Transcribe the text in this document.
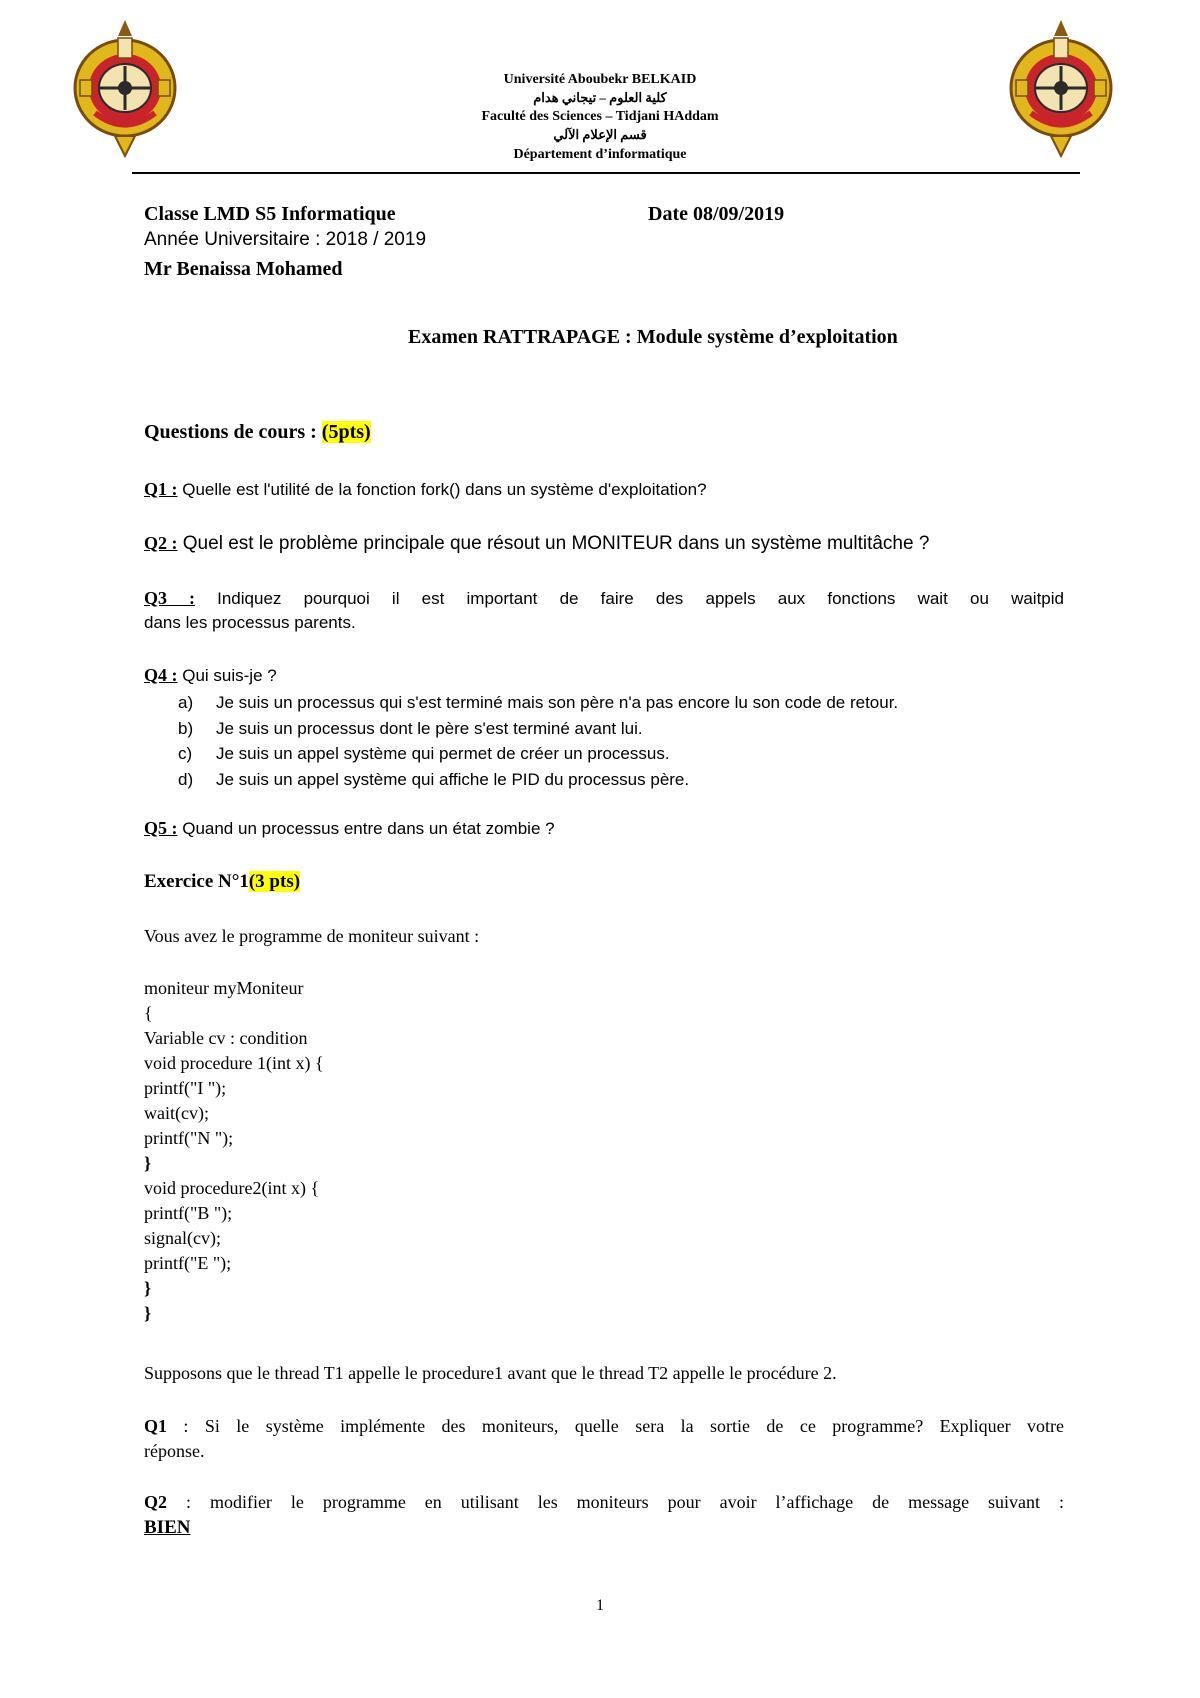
Université Aboubekr BELKAID
كلية العلوم – تيجاني هدام
Faculté des Sciences – Tidjani HAddam
قسم الإعلام الآلي
Département d’informatique
Classe LMD S5 Informatique	Date 08/09/2019
Année Universitaire : 2018 / 2019
Mr Benaissa Mohamed
Examen RATTRAPAGE : Module système d’exploitation
Questions de cours : (5pts)
Q1 : Quelle est l'utilité de la fonction fork() dans un système d'exploitation?
Q2 : Quel est le problème principale que résout un MONITEUR dans un système multitâche ?
Q3 : Indiquez pourquoi il est important de faire des appels aux fonctions wait ou waitpid
dans les processus parents.
Q4 : Qui suis-je ?
a) Je suis un processus qui s'est terminé mais son père n'a pas encore lu son code de retour.
b) Je suis un processus dont le père s'est terminé avant lui.
c) Je suis un appel système qui permet de créer un processus.
d) Je suis un appel système qui affiche le PID du processus père.
Q5 : Quand un processus entre dans un état zombie ?
Exercice N°1(3 pts)
Vous avez le programme de moniteur suivant :
moniteur myMoniteur
{
Variable cv : condition
void procedure 1(int x) {
printf("I ");
wait(cv);
printf("N ");
}
void procedure2(int x) {
printf("B ");
signal(cv);
printf("E ");
}
}
Supposons que le thread T1 appelle le procedure1 avant que le thread T2 appelle le procédure 2.
Q1 : Si le système implémente des moniteurs, quelle sera la sortie de ce programme? Expliquer votre
réponse.
Q2 : modifier le programme en utilisant les moniteurs pour avoir l’affichage de message suivant :
BIEN
1
